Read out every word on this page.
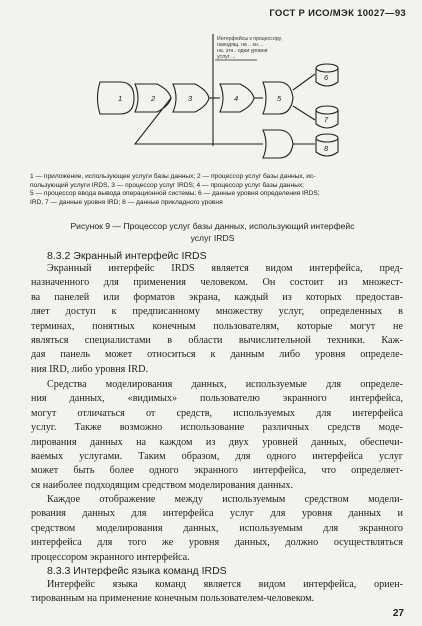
ГОСТ Р ИСО/МЭК 10027—93
Интерфейсы к процессору,
находящ. на .. кн. ..
на. этн.. одни уровни
услуг ...
1	2	3	4	5
6
7
8
1 — приложение, использующее услуги базы данных; 2 — процессор услуг базы данных, ис-
пользующий услуги IRDS, 3 — процессор услуг IRDS; 4 — процессор услуг базы данных;
5 — процессор ввода вывода операционной системы; 6 — данные уровня определения IRDS;
IRD, 7 — данные уровня IRD; 8 — данные прикладного уровня
Рисунок 9 — Процессор услуг базы данных, использующий интерфейс
услуг IRDS
8.3.2 Экранный интерфейс IRDS
Экранный интерфейс IRDS является видом интерфейса, пред-
назначенного для применения человеком. Он состоит из множест-
ва панелей или форматов экрана, каждый из которых предостав-
ляет доступ к предписанному множеству услуг, определенных в
терминах, понятных конечным пользователям, которые могут не
являться специалистами в области вычислительной техники. Каж-
дая панель может относиться к данным либо уровня определе-
ния IRD, либо уровня IRD.
Средства моделирования данных, используемые для определе-
ния данных, «видимых» пользователю экранного интерфейса,
могут отличаться от средств, используемых для интерфейса
услуг. Также возможно использование различных средств моде-
лирования данных на каждом из двух уровней данных, обеспечи-
ваемых услугами. Таким образом, для одного интерфейса услуг
может быть более одного экранного интерфейса, что определяет-
ся наиболее подходящим средством моделирования данных.
Каждое отображение между используемым средством модели-
рования данных для интерфейса услуг для уровня данных и
средством моделирования данных, используемым для экранного
интерфейса для того же уровня данных, должно осуществляться
процессором экранного интерфейса.
8.3.3 Интерфейс языка команд IRDS
Интерфейс языка команд является видом интерфейса, ориен-
тированным на применение конечным пользователем-человеком.
27
